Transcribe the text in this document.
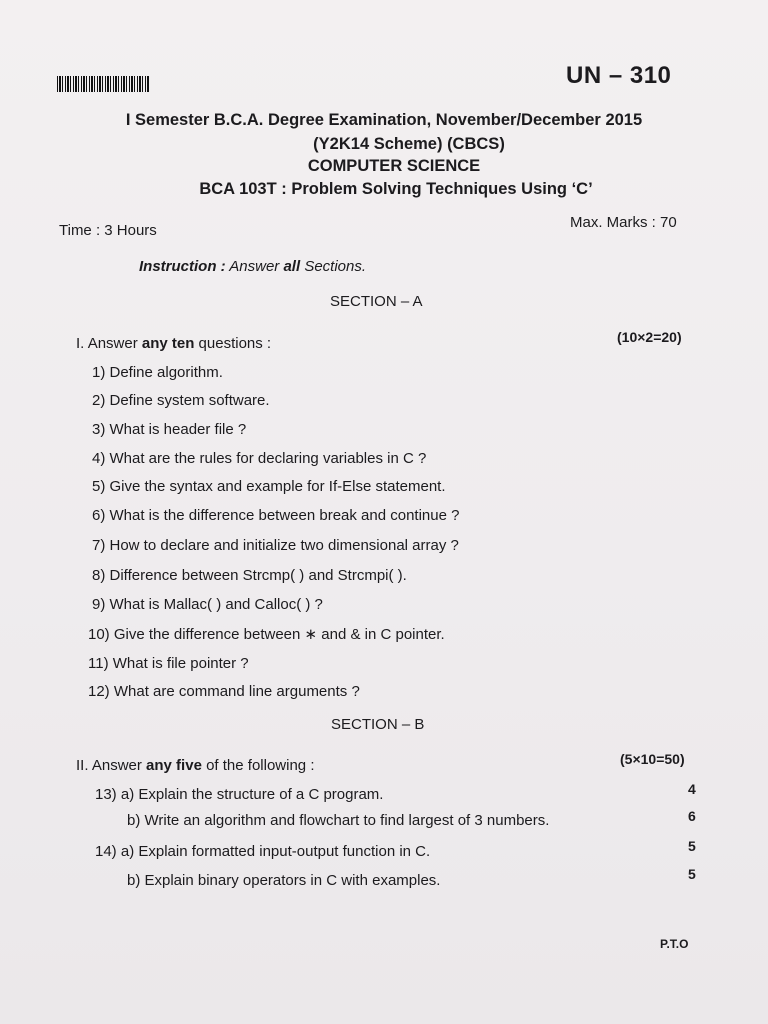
UN – 310
I Semester B.C.A. Degree Examination, November/December 2015
(Y2K14 Scheme) (CBCS)
COMPUTER SCIENCE
BCA 103T : Problem Solving Techniques Using ‘C’
Time : 3 Hours	Max. Marks : 70
Instruction : Answer all Sections.
SECTION – A
I. Answer any ten questions :	(10×2=20)
1) Define algorithm.
2) Define system software.
3) What is header file ?
4) What are the rules for declaring variables in C ?
5) Give the syntax and example for If-Else statement.
6) What is the difference between break and continue ?
7) How to declare and initialize two dimensional array ?
8) Difference between Strcmp( ) and Strcmpi( ).
9) What is Mallac( ) and Calloc( ) ?
10) Give the difference between ∗ and & in C pointer.
11) What is file pointer ?
12) What are command line arguments ?
SECTION – B
II. Answer any five of the following :	(5×10=50)
13) a) Explain the structure of a C program.	4
b) Write an algorithm and flowchart to find largest of 3 numbers.	6
14) a) Explain formatted input-output function in C.	5
b) Explain binary operators in C with examples.	5
P.T.O
